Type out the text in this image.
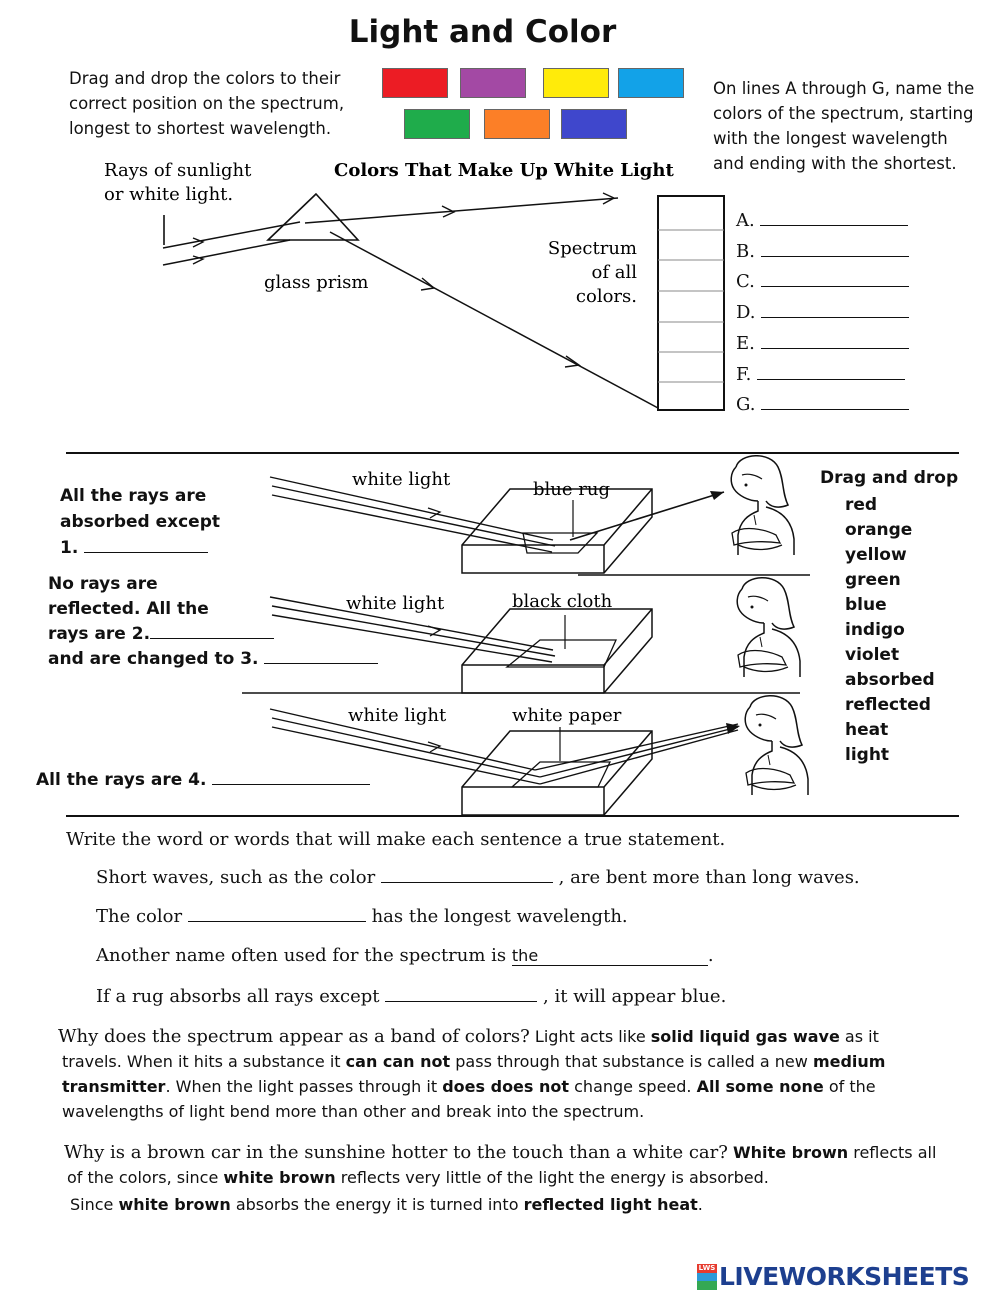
Light and Color
Drag and drop the colors to their
correct position on the spectrum,
longest to shortest wavelength.
On lines A through G, name the
colors of the spectrum, starting
with the longest wavelength
and ending with the shortest.
Rays of sunlight
or white light.
Colors That Make Up White Light
glass prism
Spectrum
of all
colors.
A.
B.
C.
D.
E.
F.
G.
white light	blue rug
white light	black cloth
white light	white paper
All the rays are
absorbed except
1.
No rays are
reflected. All the
rays are 2.
and are changed to 3.
All the rays are 4.
Drag and drop
red
orange
yellow
green
blue
indigo
violet
absorbed
reflected
heat
light
Write the word or words that will make each sentence a true statement.
Short waves, such as the color	, are bent more than long waves.
The color	has the longest wavelength.
Another name often used for the spectrum is the	.
If a rug absorbs all rays except	, it will appear blue.
Why does the spectrum appear as a band of colors? Light acts like solid liquid gas wave as it
travels. When it hits a substance it can can not pass through that substance is called a new medium
transmitter. When the light passes through it does does not change speed. All some none of the
wavelengths of light bend more than other and break into the spectrum.
Why is a brown car in the sunshine hotter to the touch than a white car? White brown reflects all
of the colors, since white brown reflects very little of the light the energy is absorbed.
Since white brown absorbs the energy it is turned into reflected light heat.
LWS LIVEWORKSHEETS
